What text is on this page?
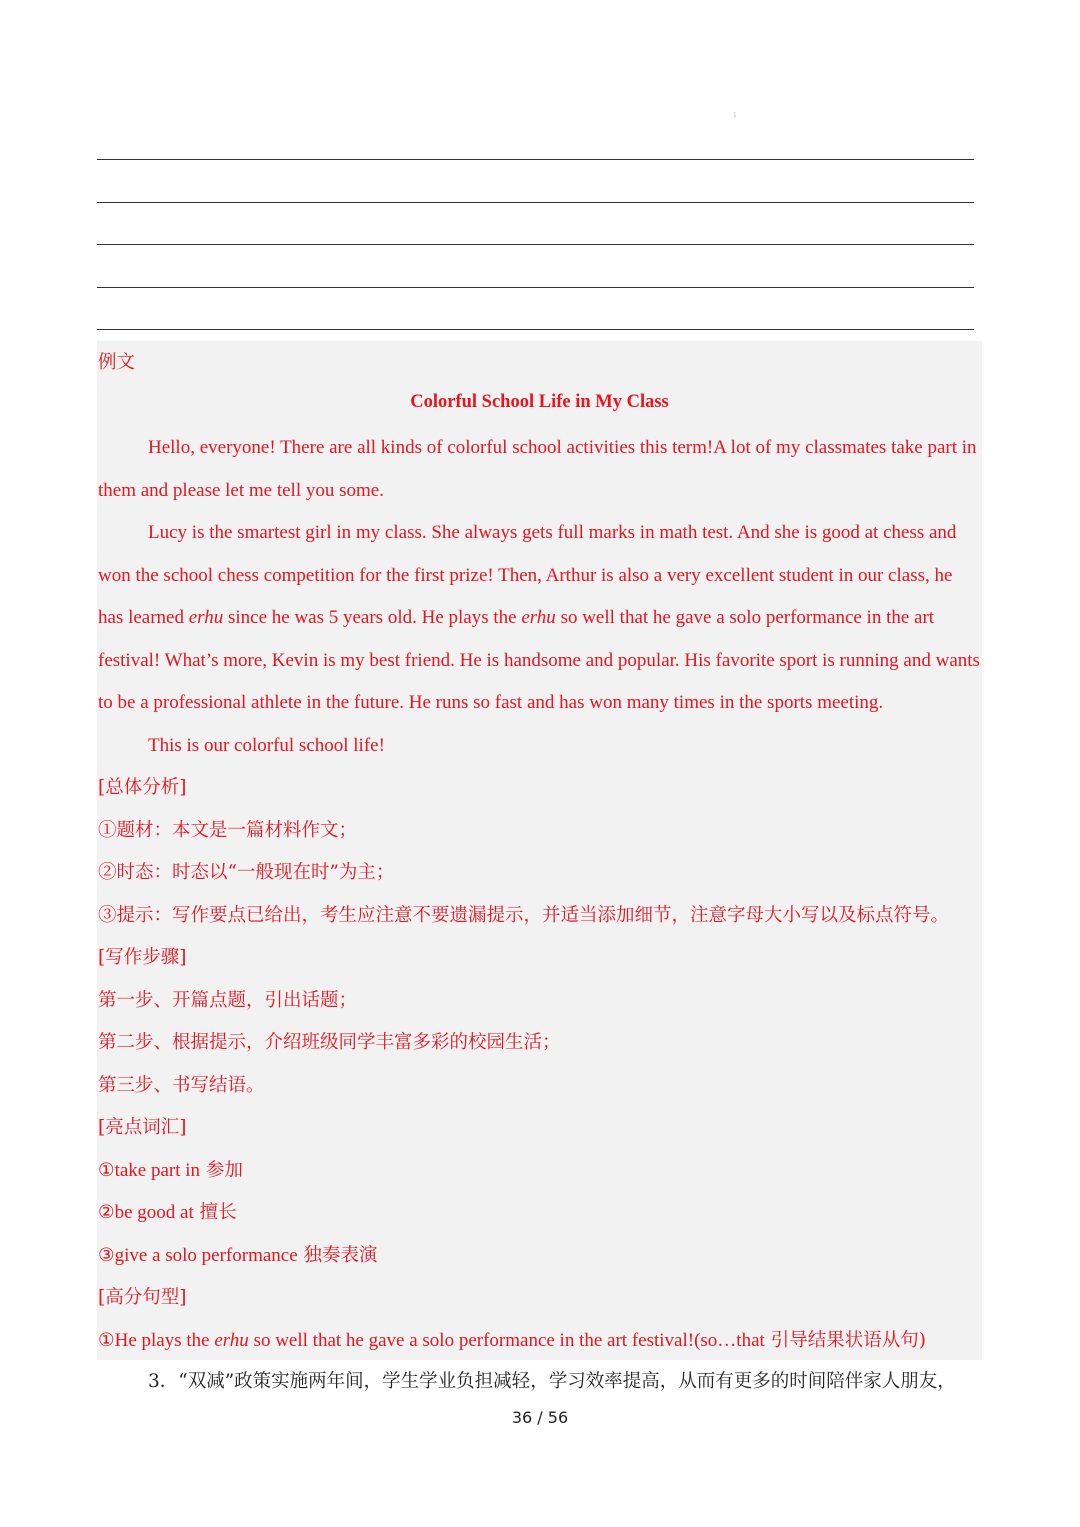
1
例文
Colorful School Life in My Class
Hello, everyone! There are all kinds of colorful school activities this term!A lot of my classmates take part in
them and please let me tell you some.
Lucy is the smartest girl in my class. She always gets full marks in math test. And she is good at chess and
won the school chess competition for the first prize! Then, Arthur is also a very excellent student in our class, he
has learned erhu since he was 5 years old. He plays the erhu so well that he gave a solo performance in the art
festival! What’s more, Kevin is my best friend. He is handsome and popular. His favorite sport is running and wants
to be a professional athlete in the future. He runs so fast and has won many times in the sports meeting.
This is our colorful school life!
[总体分析]
①题材：本文是一篇材料作文；
②时态：时态以“一般现在时”为主；
③提示：写作要点已给出，考生应注意不要遗漏提示，并适当添加细节，注意字母大小写以及标点符号。
[写作步骤]
第一步、开篇点题，引出话题；
第二步、根据提示，介绍班级同学丰富多彩的校园生活；
第三步、书写结语。
[亮点词汇]
①take part in 参加
②be good at 擅长
③give a solo performance 独奏表演
[高分句型]
①He plays the erhu so well that he gave a solo performance in the art festival!(so…that 引导结果状语从句)
3．“双减”政策实施两年间，学生学业负担减轻，学习效率提高，从而有更多的时间陪伴家人朋友，
36 / 56
